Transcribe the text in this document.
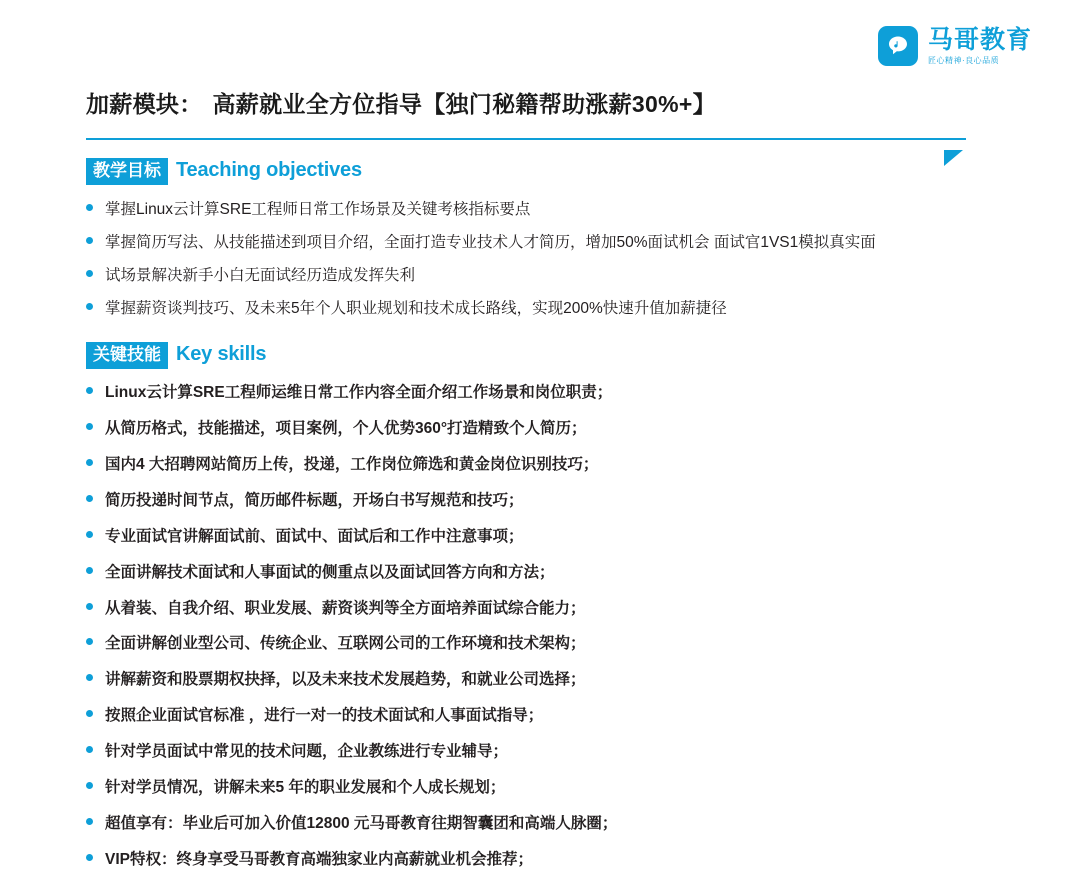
马哥教育
匠心精神·良心品质
加薪模块： 高薪就业全方位指导【独门秘籍帮助涨薪30%+】
教学目标 Teaching objectives
掌握Linux云计算SRE工程师日常工作场景及关键考核指标要点
掌握简历写法、从技能描述到项目介绍，全面打造专业技术人才简历，增加50%面试机会 面试官1VS1模拟真实面
试场景解决新手小白无面试经历造成发挥失利
掌握薪资谈判技巧、及未来5年个人职业规划和技术成长路线，实现200%快速升值加薪捷径
关键技能 Key skills
Linux云计算SRE工程师运维日常工作内容全面介绍工作场景和岗位职责；
从简历格式，技能描述，项目案例，个人优势360°打造精致个人简历；
国内4 大招聘网站简历上传，投递，工作岗位筛选和黄金岗位识别技巧；
简历投递时间节点，简历邮件标题，开场白书写规范和技巧；
专业面试官讲解面试前、面试中、面试后和工作中注意事项；
全面讲解技术面试和人事面试的侧重点以及面试回答方向和方法；
从着装、自我介绍、职业发展、薪资谈判等全方面培养面试综合能力；
全面讲解创业型公司、传统企业、互联网公司的工作环境和技术架构；
讲解薪资和股票期权抉择，以及未来技术发展趋势，和就业公司选择；
按照企业面试官标准 ，进行一对一的技术面试和人事面试指导；
针对学员面试中常见的技术问题，企业教练进行专业辅导；
针对学员情况，讲解未来5 年的职业发展和个人成长规划；
超值享有：毕业后可加入价值12800 元马哥教育往期智囊团和高端人脉圈；
VIP特权：终身享受马哥教育高端独家业内高薪就业机会推荐；
